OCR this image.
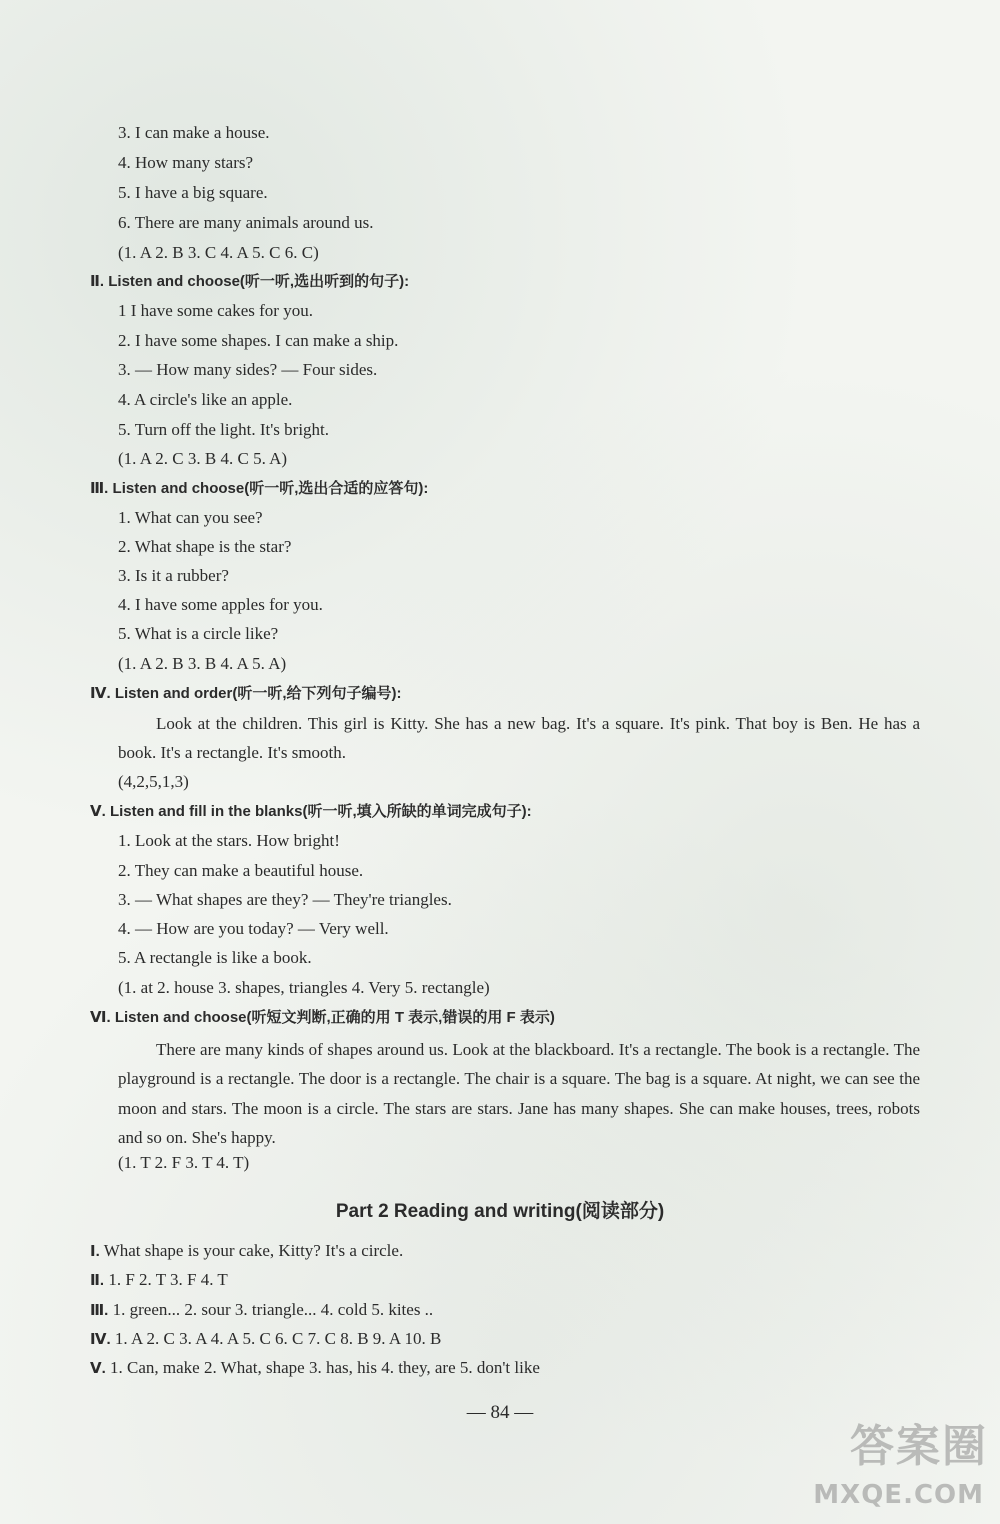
3. I can make a house.
4. How many stars?
5. I have a big square.
6. There are many animals around us.
(1. A 2. B 3. C 4. A 5. C 6. C)
Ⅱ. Listen and choose(听一听,选出听到的句子):
1 I have some cakes for you.
2. I have some shapes. I can make a ship.
3. — How many sides? — Four sides.
4. A circle's like an apple.
5. Turn off the light. It's bright.
(1. A 2. C 3. B 4. C 5. A)
Ⅲ. Listen and choose(听一听,选出合适的应答句):
1. What can you see?
2. What shape is the star?
3. Is it a rubber?
4. I have some apples for you.
5. What is a circle like?
(1. A 2. B 3. B 4. A 5. A)
Ⅳ. Listen and order(听一听,给下列句子编号):
Look at the children. This girl is Kitty. She has a new bag. It's a square. It's pink. That boy is Ben. He has a book. It's a rectangle. It's smooth.
(4,2,5,1,3)
Ⅴ. Listen and fill in the blanks(听一听,填入所缺的单词完成句子):
1. Look at the stars. How bright!
2. They can make a beautiful house.
3. — What shapes are they? — They're triangles.
4. — How are you today? — Very well.
5. A rectangle is like a book.
(1. at 2. house 3. shapes, triangles 4. Very 5. rectangle)
Ⅵ. Listen and choose(听短文判断,正确的用 T 表示,错误的用 F 表示)
There are many kinds of shapes around us. Look at the blackboard. It's a rectangle. The book is a rectangle. The playground is a rectangle. The door is a rectangle. The chair is a square. The bag is a square. At night, we can see the moon and stars. The moon is a circle. The stars are stars. Jane has many shapes. She can make houses, trees, robots and so on. She's happy.
(1. T 2. F 3. T 4. T)
Part 2 Reading and writing(阅读部分)
Ⅰ. What shape is your cake, Kitty? It's a circle.
Ⅱ. 1. F 2. T 3. F 4. T
Ⅲ. 1. green... 2. sour 3. triangle... 4. cold 5. kites ..
Ⅳ. 1. A 2. C 3. A 4. A 5. C 6. C 7. C 8. B 9. A 10. B
Ⅴ. 1. Can, make 2. What, shape 3. has, his 4. they, are 5. don't like
— 84 —
答案圈
MXQE.COM
